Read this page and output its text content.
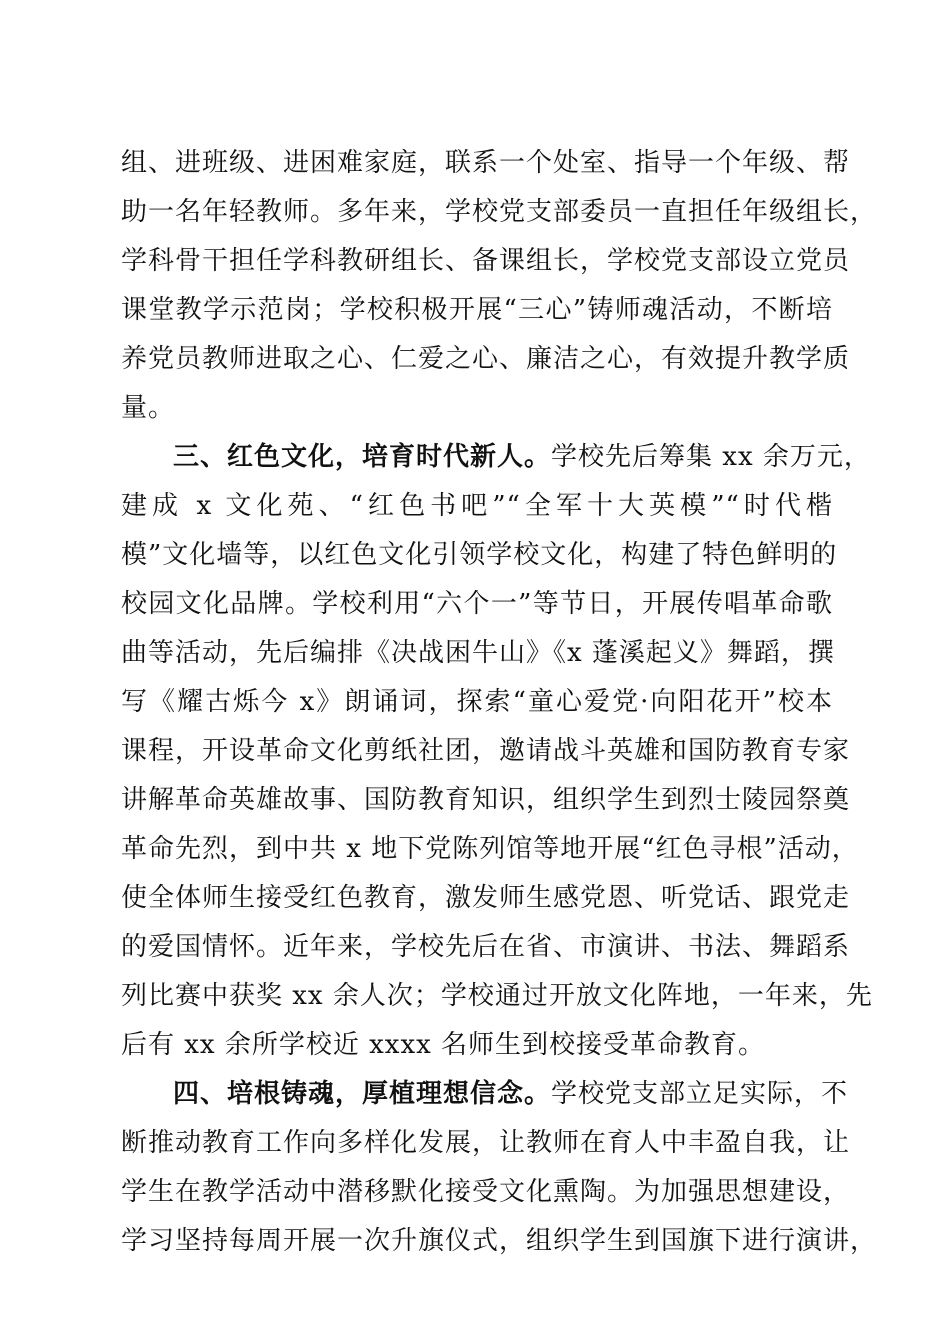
组、进班级、进困难家庭，联系一个处室、指导一个年级、帮
助一名年轻教师。多年来，学校党支部委员一直担任年级组长，
学科骨干担任学科教研组长、备课组长，学校党支部设立党员
课堂教学示范岗；学校积极开展“三心”铸师魂活动，不断培
养党员教师进取之心、仁爱之心、廉洁之心，有效提升教学质
量。
三、红色文化，培育时代新人。学校先后筹集 xx 余万元，
建成 x 文化苑、“红色书吧”“全军十大英模”“时代楷
模”文化墙等，以红色文化引领学校文化，构建了特色鲜明的
校园文化品牌。学校利用“六个一”等节日，开展传唱革命歌
曲等活动，先后编排《决战困牛山》《x 蓬溪起义》舞蹈，撰
写《耀古烁今 x》朗诵词，探索“童心爱党·向阳花开”校本
课程，开设革命文化剪纸社团，邀请战斗英雄和国防教育专家
讲解革命英雄故事、国防教育知识，组织学生到烈士陵园祭奠
革命先烈，到中共 x 地下党陈列馆等地开展“红色寻根”活动，
使全体师生接受红色教育，激发师生感党恩、听党话、跟党走
的爱国情怀。近年来，学校先后在省、市演讲、书法、舞蹈系
列比赛中获奖 xx 余人次；学校通过开放文化阵地，一年来，先
后有 xx 余所学校近 xxxx 名师生到校接受革命教育。
四、培根铸魂，厚植理想信念。学校党支部立足实际，不
断推动教育工作向多样化发展，让教师在育人中丰盈自我，让
学生在教学活动中潜移默化接受文化熏陶。为加强思想建设，
学习坚持每周开展一次升旗仪式，组织学生到国旗下进行演讲，
